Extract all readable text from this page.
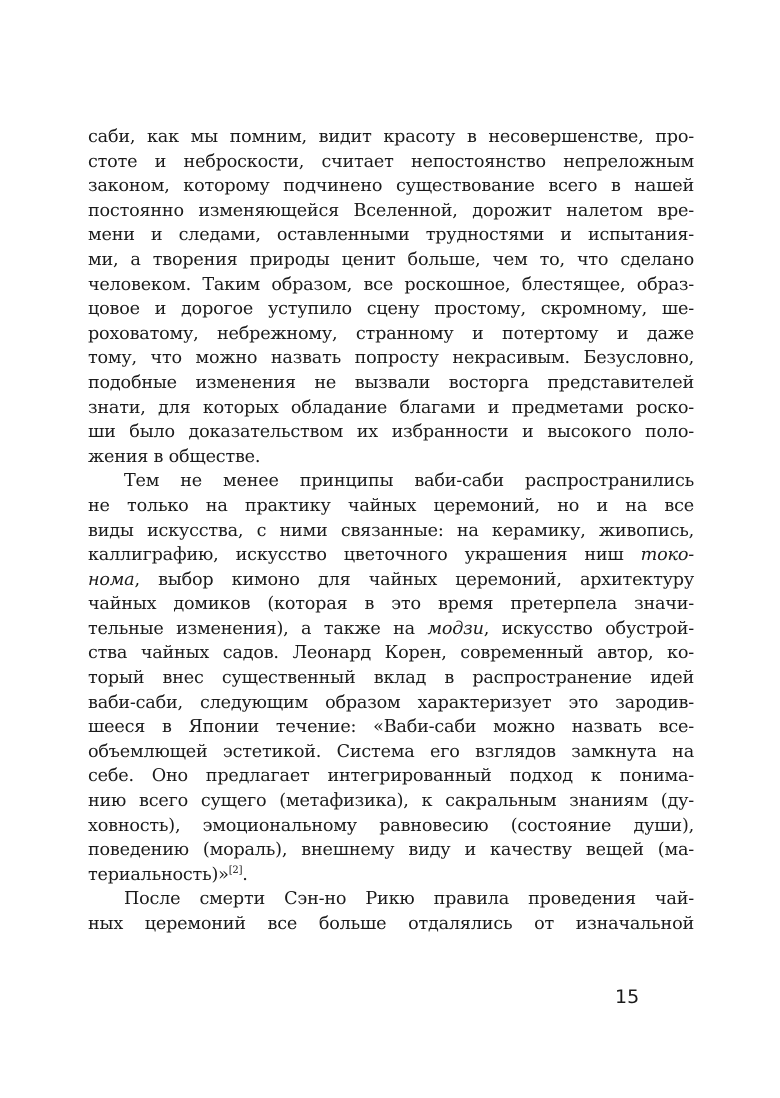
саби, как мы помним, видит красоту в несовершенстве, про-
стоте и неброскости, считает непостоянство непреложным
законом, которому подчинено существование всего в нашей
постоянно изменяющейся Вселенной, дорожит налетом вре-
мени и следами, оставленными трудностями и испытания-
ми, а творения природы ценит больше, чем то, что сделано
человеком. Таким образом, все роскошное, блестящее, образ-
цовое и дорогое уступило сцену простому, скромному, ше-
роховатому, небрежному, странному и потертому и даже
тому, что можно назвать попросту некрасивым. Безусловно,
подобные изменения не вызвали восторга представителей
знати, для которых обладание благами и предметами роско-
ши было доказательством их избранности и высокого поло-
жения в обществе.
Тем не менее принципы ваби-саби распространились
не только на практику чайных церемоний, но и на все
виды искусства, с ними связанные: на керамику, живопись,
каллиграфию, искусство цветочного украшения ниш токо-
нома, выбор кимоно для чайных церемоний, архитектуру
чайных домиков (которая в это время претерпела значи-
тельные изменения), а также на модзи, искусство обустрой-
ства чайных садов. Леонард Корен, современный автор, ко-
торый внес существенный вклад в распространение идей
ваби-саби, следующим образом характеризует это зародив-
шееся в Японии течение: «Ваби-саби можно назвать все-
объемлющей эстетикой. Система его взглядов замкнута на
себе. Оно предлагает интегрированный подход к понима-
нию всего сущего (метафизика), к сакральным знаниям (ду-
ховность), эмоциональному равновесию (состояние души),
поведению (мораль), внешнему виду и качеству вещей (ма-
териальность)»[2].
После смерти Сэн-но Рикю правила проведения чай-
ных церемоний все больше отдалялись от изначальной
15
